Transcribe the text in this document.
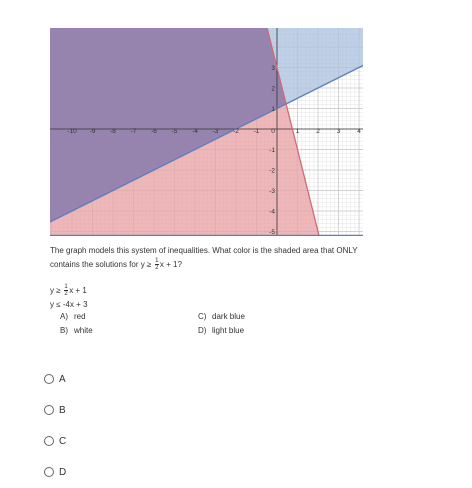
-10 -9 -8 -7 -6 -5 -4 -3 -2 -1 0	1	2	3	4
3
2
1
-1
-2
-3
-4
-5
The graph models this system of inequalities. What color is the shaded area that ONLY
contains the solutions for $y \ge \frac{1}{2}$ x + 1?
$y \ge \frac{1}{2}$ x + 1
y ≤ -4x + 3
A) red
B) white
C) dark blue
D) light blue
A
B
C
D
